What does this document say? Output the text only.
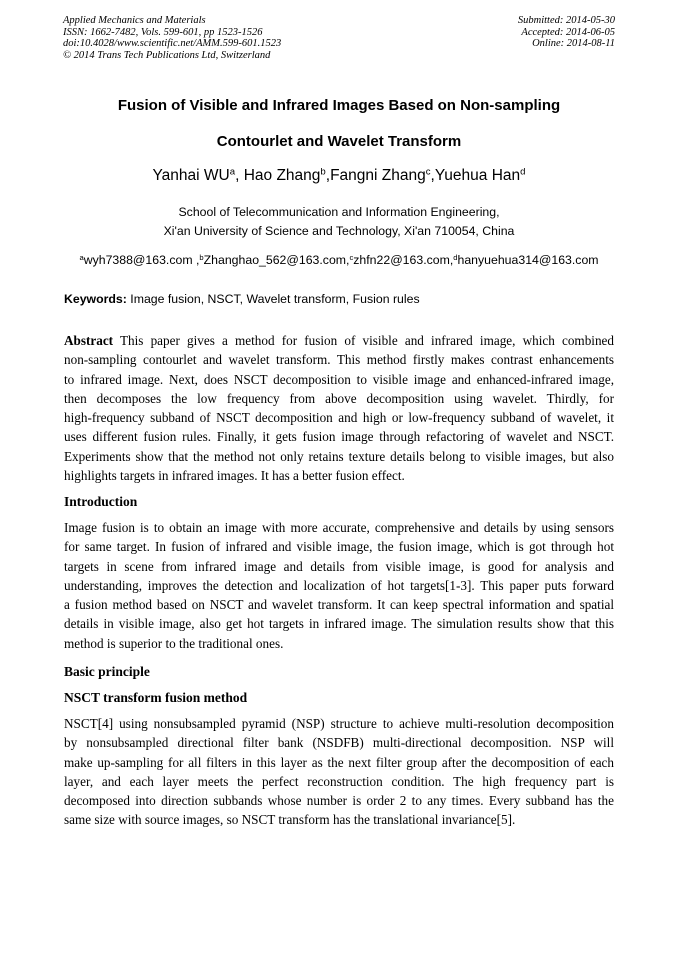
Applied Mechanics and Materials
ISSN: 1662-7482, Vols. 599-601, pp 1523-1526
doi:10.4028/www.scientific.net/AMM.599-601.1523
© 2014 Trans Tech Publications Ltd, Switzerland
Submitted: 2014-05-30
Accepted: 2014-06-05
Online: 2014-08-11
Fusion of Visible and Infrared Images Based on Non-sampling
Contourlet and Wavelet Transform
Yanhai $WU^a$, Hao Zhang$^b$,Fangni Zhang$^c$,Yuehua Han$^d$
School of Telecommunication and Information Engineering,
Xi'an University of Science and Technology, Xi'an 710054, China
$^a$wyh7388@163.com ,$^b$Zhanghao_562@163.com,$^c$zhfn22@163.com,$^d$hanyuehua314@163.com
Keywords: Image fusion, NSCT, Wavelet transform, Fusion rules
Abstract This paper gives a method for fusion of visible and infrared image, which combined
non-sampling contourlet and wavelet transform. This method firstly makes contrast enhancements
to infrared image. Next, does NSCT decomposition to visible image and enhanced-infrared image,
then decomposes the low frequency from above decomposition using wavelet. Thirdly, for
high-frequency subband of NSCT decomposition and high or low-frequency subband of wavelet, it
uses different fusion rules. Finally, it gets fusion image through refactoring of wavelet and NSCT.
Experiments show that the method not only retains texture details belong to visible images, but also
highlights targets in infrared images. It has a better fusion effect.
Introduction
Image fusion is to obtain an image with more accurate, comprehensive and details by using sensors
for same target. In fusion of infrared and visible image, the fusion image, which is got through hot
targets in scene from infrared image and details from visible image, is good for analysis and
understanding, improves the detection and localization of hot targets[1-3]. This paper puts forward
a fusion method based on NSCT and wavelet transform. It can keep spectral information and spatial
details in visible image, also get hot targets in infrared image. The simulation results show that this
method is superior to the traditional ones.
Basic principle
NSCT transform fusion method
NSCT[4] using nonsubsampled pyramid (NSP) structure to achieve multi-resolution decomposition
by nonsubsampled directional filter bank (NSDFB) multi-directional decomposition. NSP will
make up-sampling for all filters in this layer as the next filter group after the decomposition of each
layer, and each layer meets the perfect reconstruction condition. The high frequency part is
decomposed into direction subbands whose number is order 2 to any times. Every subband has the
same size with source images, so NSCT transform has the translational invariance[5].
